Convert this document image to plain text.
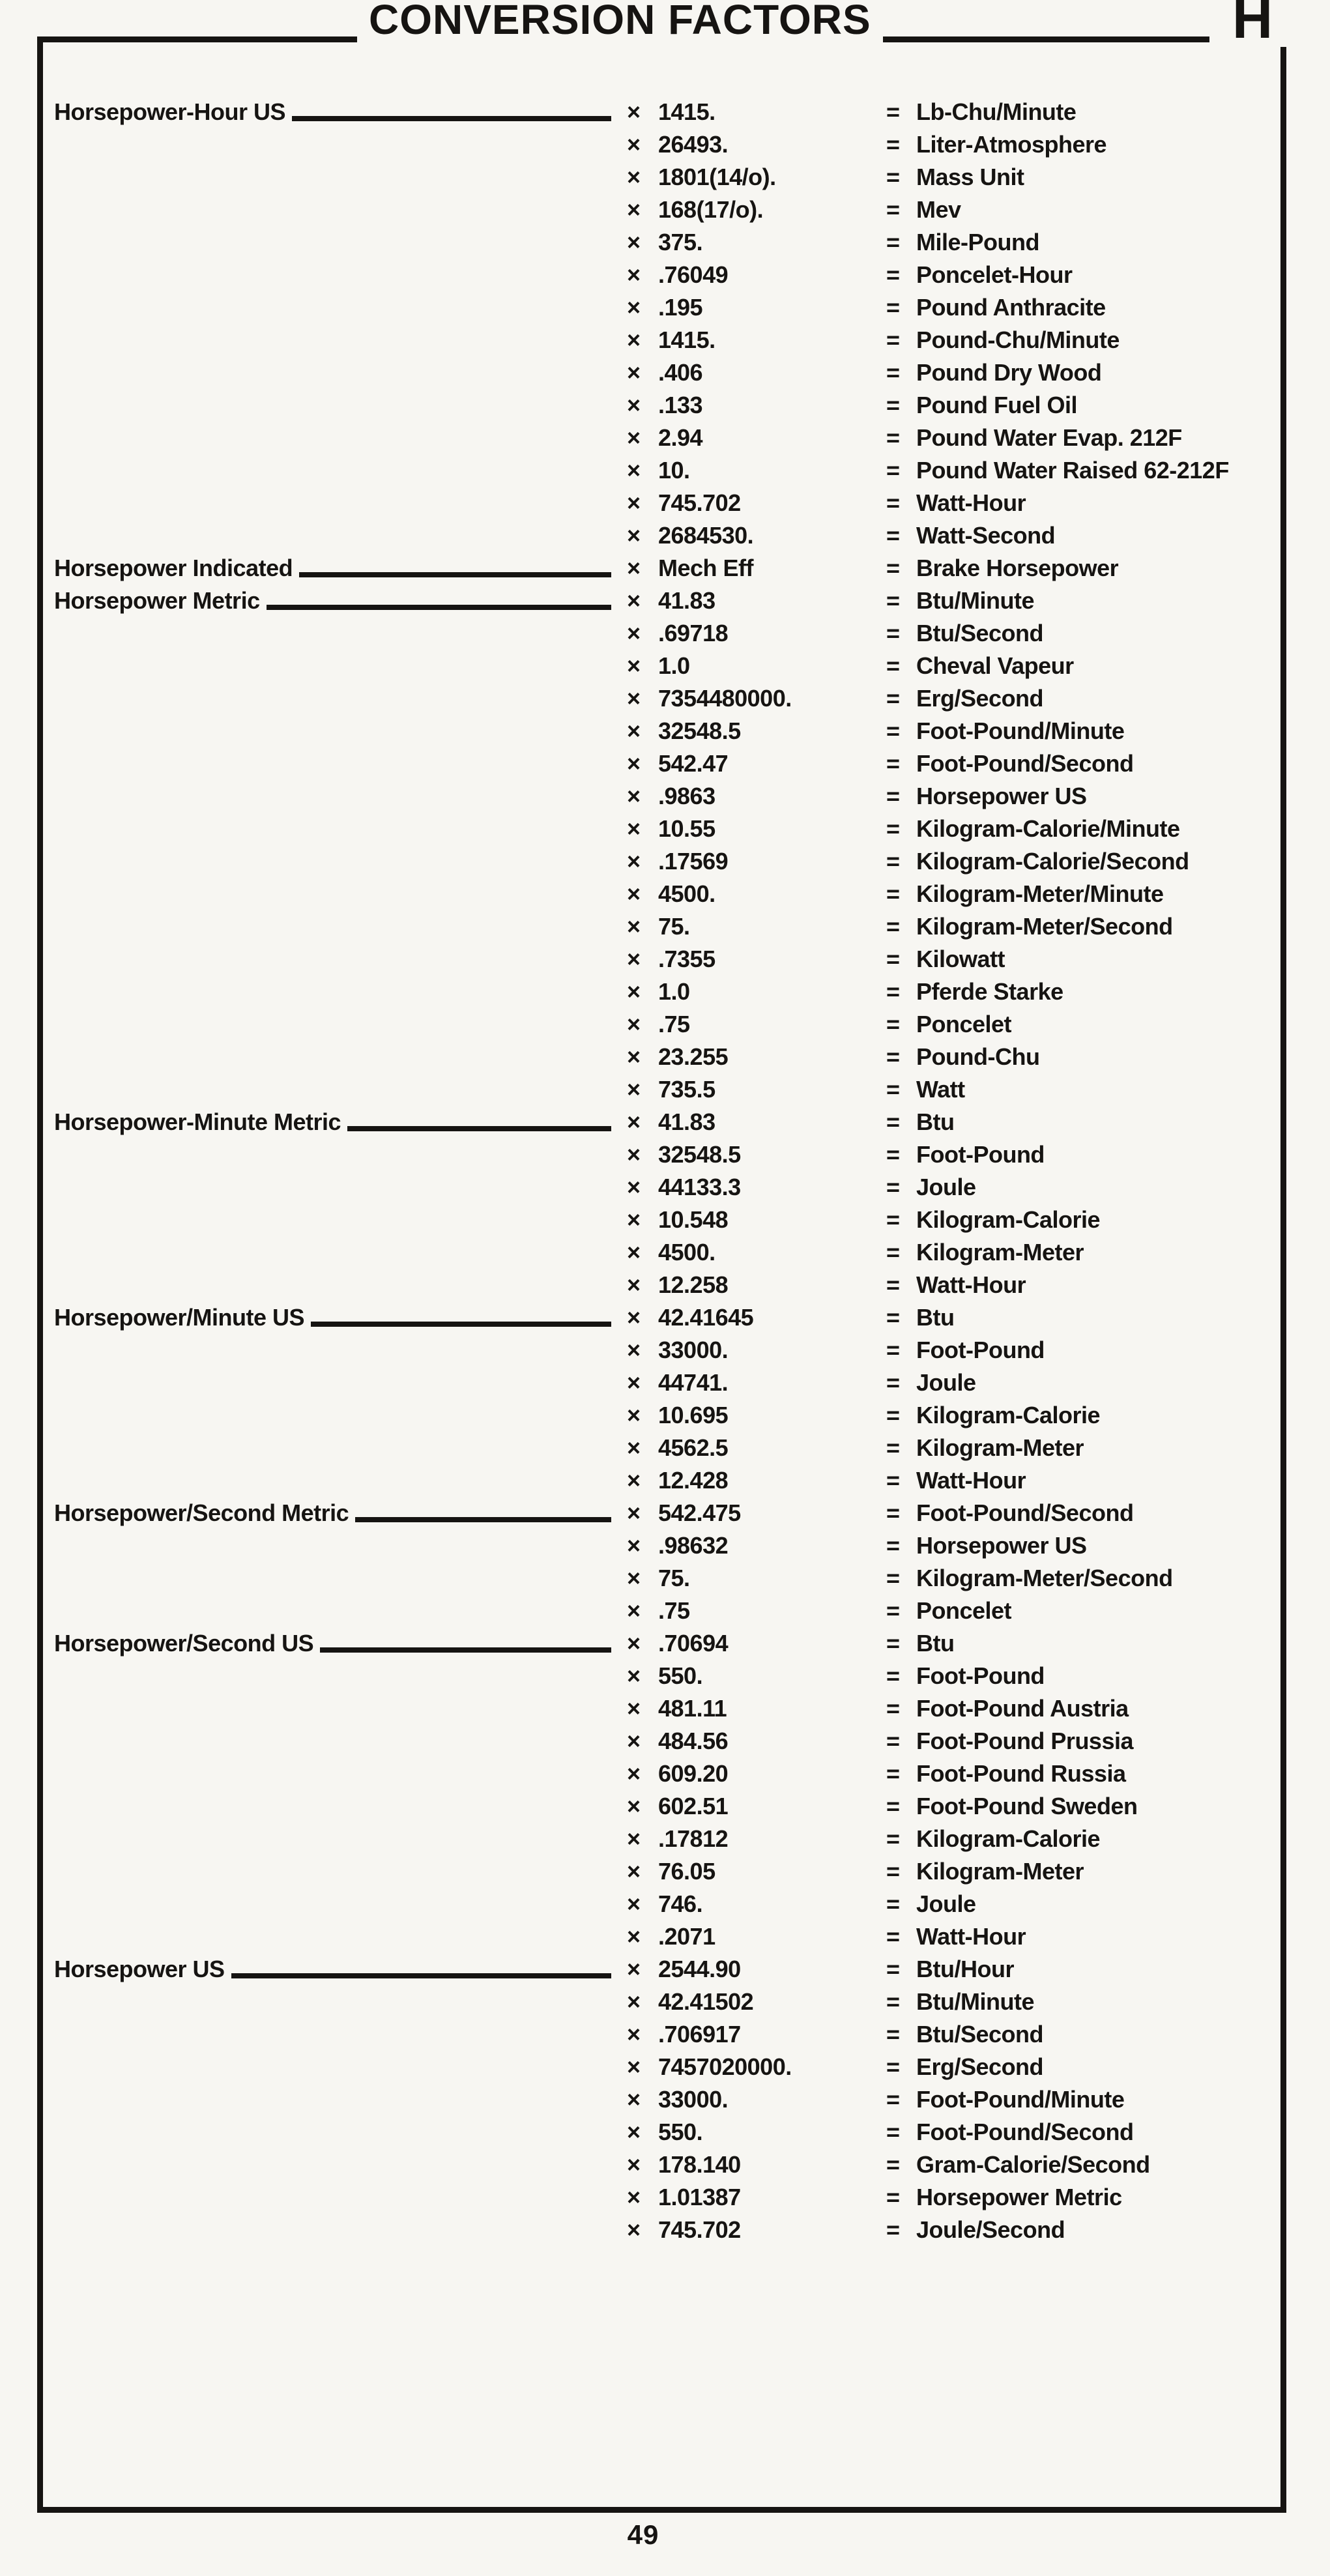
CONVERSION FACTORS	H
Horsepower-Hour US	× 1415.	= Lb-Chu/Minute
× 26493.	= Liter-Atmosphere
× 1801(14/o).	= Mass Unit
× 168(17/o).	= Mev
× 375.	= Mile-Pound
× .76049	= Poncelet-Hour
× .195	= Pound Anthracite
× 1415.	= Pound-Chu/Minute
× .406	= Pound Dry Wood
× .133	= Pound Fuel Oil
× 2.94	= Pound Water Evap. 212F
× 10.	= Pound Water Raised 62-212F
× 745.702	= Watt-Hour
× 2684530.	= Watt-Second
Horsepower Indicated	× Mech Eff	= Brake Horsepower
Horsepower Metric	× 41.83	= Btu/Minute
× .69718	= Btu/Second
× 1.0	= Cheval Vapeur
× 7354480000.	= Erg/Second
× 32548.5	= Foot-Pound/Minute
× 542.47	= Foot-Pound/Second
× .9863	= Horsepower US
× 10.55	= Kilogram-Calorie/Minute
× .17569	= Kilogram-Calorie/Second
× 4500.	= Kilogram-Meter/Minute
× 75.	= Kilogram-Meter/Second
× .7355	= Kilowatt
× 1.0	= Pferde Starke
× .75	= Poncelet
× 23.255	= Pound-Chu
× 735.5	= Watt
Horsepower-Minute Metric	× 41.83	= Btu
× 32548.5	= Foot-Pound
× 44133.3	= Joule
× 10.548	= Kilogram-Calorie
× 4500.	= Kilogram-Meter
× 12.258	= Watt-Hour
Horsepower/Minute US	× 42.41645	= Btu
× 33000.	= Foot-Pound
× 44741.	= Joule
× 10.695	= Kilogram-Calorie
× 4562.5	= Kilogram-Meter
× 12.428	= Watt-Hour
Horsepower/Second Metric	× 542.475	= Foot-Pound/Second
× .98632	= Horsepower US
× 75.	= Kilogram-Meter/Second
× .75	= Poncelet
Horsepower/Second US	× .70694	= Btu
× 550.	= Foot-Pound
× 481.11	= Foot-Pound Austria
× 484.56	= Foot-Pound Prussia
× 609.20	= Foot-Pound Russia
× 602.51	= Foot-Pound Sweden
× .17812	= Kilogram-Calorie
× 76.05	= Kilogram-Meter
× 746.	= Joule
× .2071	= Watt-Hour
Horsepower US	× 2544.90	= Btu/Hour
× 42.41502	= Btu/Minute
× .706917	= Btu/Second
× 7457020000.	= Erg/Second
× 33000.	= Foot-Pound/Minute
× 550.	= Foot-Pound/Second
× 178.140	= Gram-Calorie/Second
× 1.01387	= Horsepower Metric
× 745.702	= Joule/Second
49
